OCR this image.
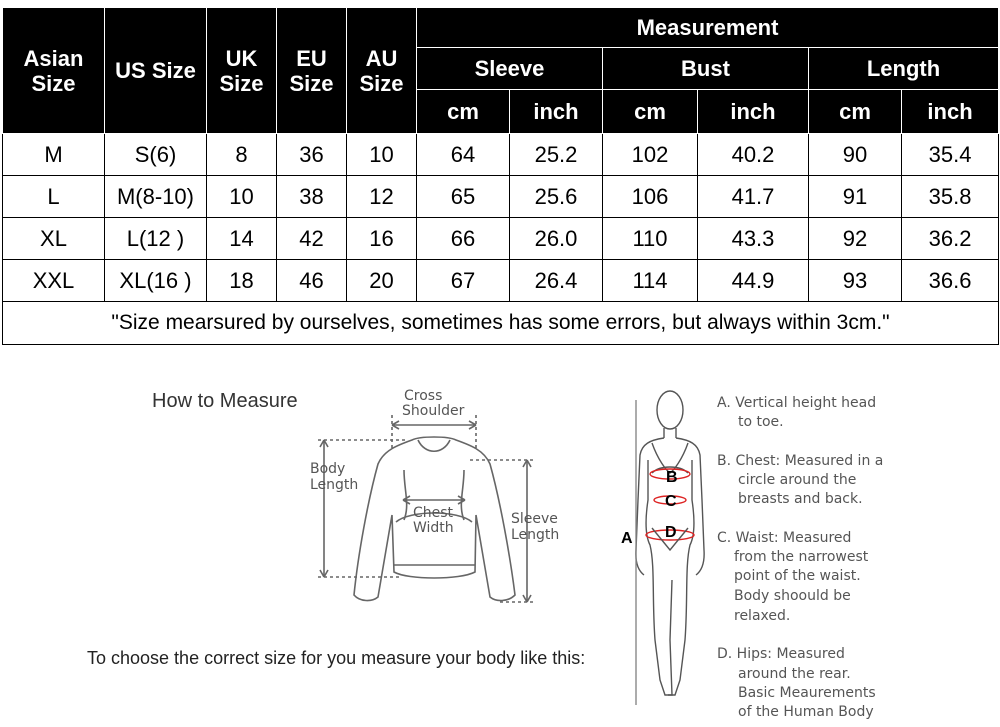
Asian Size	US Size	UK Size	EU Size	AU Size	Measurement					
					Sleeve		Bust		Length	
					cm	inch	cm	inch	cm	inch
M	S(6)	8	36	10	64	25.2	102	40.2	90	35.4
L	M(8-10)	10	38	12	65	25.6	106	41.7	91	35.8
XL	L(12 )	14	42	16	66	26.0	110	43.3	92	36.2
XXL	XL(16 )	18	46	20	67	26.4	114	44.9	93	36.6
"Size mearsured by ourselves, sometimes has some errors, but always within 3cm."										
How to Measure
To choose the correct size for you measure your body like this:
Cross
Shoulder
Body
Length
Chest
Width
Sleeve
Length
B
C
D
A
A. Vertical height head
to toe.
B. Chest: Measured in a
circle around the
breasts and back.
C. Waist: Measured
from the narrowest
point of the waist.
Body shoould be
relaxed.
D. Hips: Measured
around the rear.
Basic Meaurements
of the Human Body
